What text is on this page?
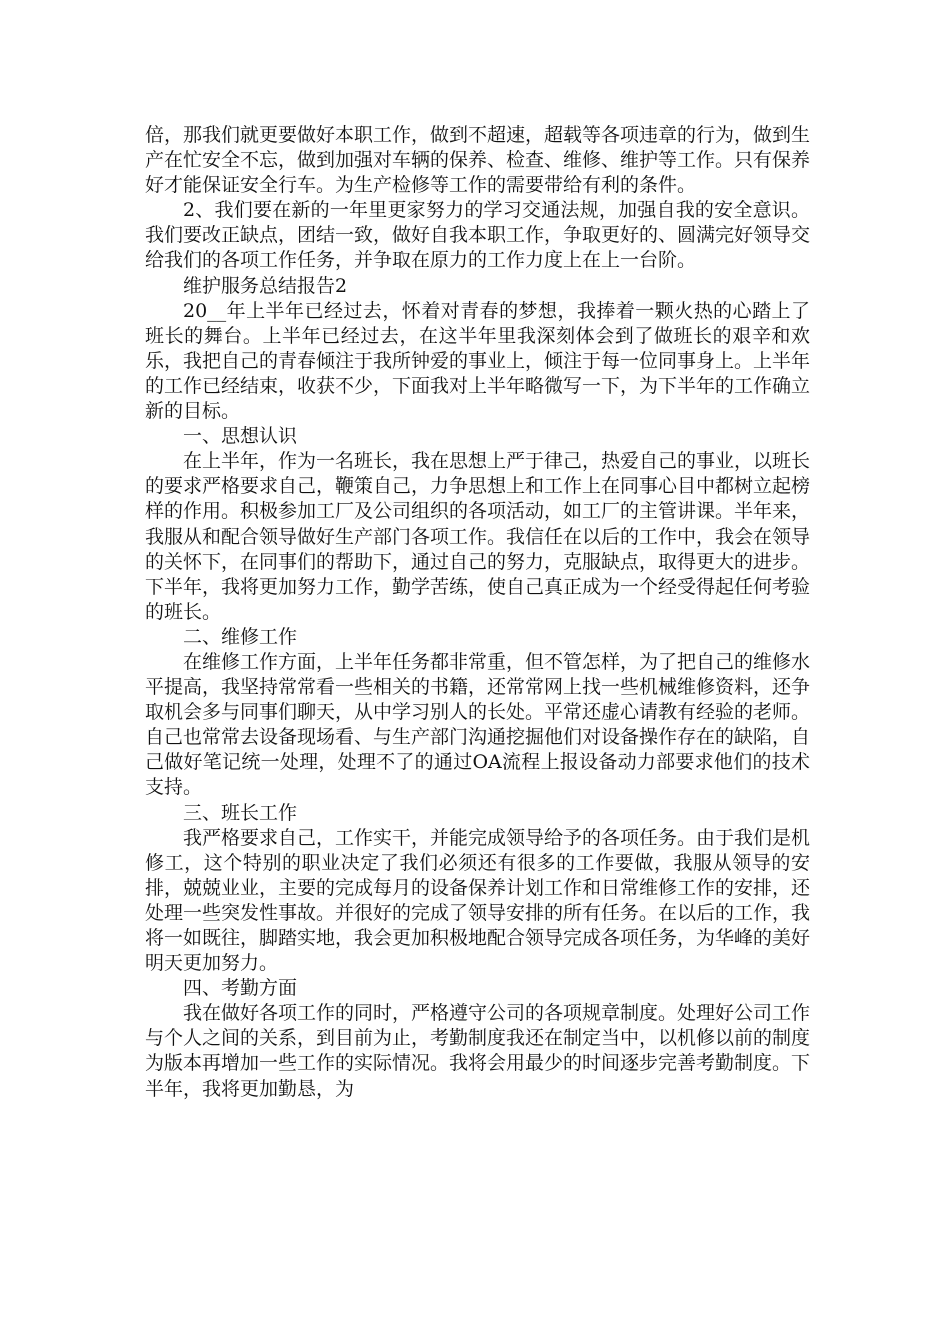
倍，那我们就更要做好本职工作，做到不超速，超载等各项违章的行为，做到生产在忙安全不忘，做到加强对车辆的保养、检查、维修、维护等工作。只有保养好才能保证安全行车。为生产检修等工作的需要带给有利的条件。

2、我们要在新的一年里更家努力的学习交通法规，加强自我的安全意识。我们要改正缺点，团结一致，做好自我本职工作，争取更好的、圆满完好领导交给我们的各项工作任务，并争取在原力的工作力度上在上一台阶。

维护服务总结报告2

20__年上半年已经过去，怀着对青春的梦想，我捧着一颗火热的心踏上了班长的舞台。上半年已经过去，在这半年里我深刻体会到了做班长的艰辛和欢乐，我把自己的青春倾注于我所钟爱的事业上，倾注于每一位同事身上。上半年的工作已经结束，收获不少，下面我对上半年略微写一下，为下半年的工作确立新的目标。

一、思想认识

在上半年，作为一名班长，我在思想上严于律己，热爱自己的事业，以班长的要求严格要求自己，鞭策自己，力争思想上和工作上在同事心目中都树立起榜样的作用。积极参加工厂及公司组织的各项活动，如工厂的主管讲课。半年来，我服从和配合领导做好生产部门各项工作。我信任在以后的工作中，我会在领导的关怀下，在同事们的帮助下，通过自己的努力，克服缺点，取得更大的进步。下半年，我将更加努力工作，勤学苦练，使自己真正成为一个经受得起任何考验的班长。

二、维修工作

在维修工作方面，上半年任务都非常重，但不管怎样，为了把自己的维修水平提高，我坚持常常看一些相关的书籍，还常常网上找一些机械维修资料，还争取机会多与同事们聊天，从中学习别人的长处。平常还虚心请教有经验的老师。自己也常常去设备现场看、与生产部门沟通挖掘他们对设备操作存在的缺陷，自己做好笔记统一处理，处理不了的通过OA流程上报设备动力部要求他们的技术支持。

三、班长工作

我严格要求自己，工作实干，并能完成领导给予的各项任务。由于我们是机修工，这个特别的职业决定了我们必须还有很多的工作要做，我服从领导的安排，兢兢业业，主要的完成每月的设备保养计划工作和日常维修工作的安排，还处理一些突发性事故。并很好的完成了领导安排的所有任务。在以后的工作，我将一如既往，脚踏实地，我会更加积极地配合领导完成各项任务，为华峰的美好明天更加努力。

四、考勤方面

我在做好各项工作的同时，严格遵守公司的各项规章制度。处理好公司工作与个人之间的关系，到目前为止，考勤制度我还在制定当中，以机修以前的制度为版本再增加一些工作的实际情况。我将会用最少的时间逐步完善考勤制度。下半年，我将更加勤恳，为
